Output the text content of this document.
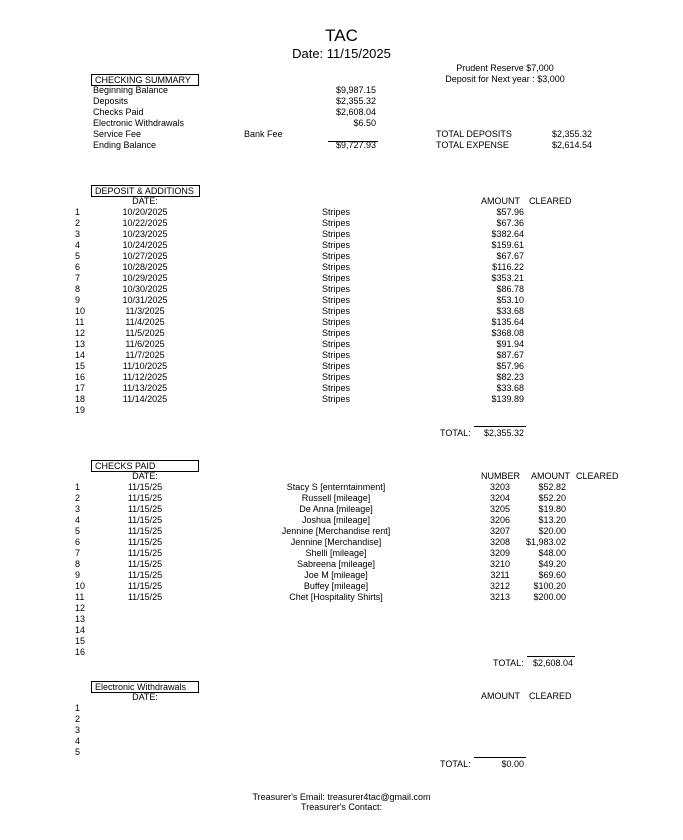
TAC
Date: 11/15/2025
Prudent Reserve $7,000
Deposit for Next year : $3,000
CHECKING SUMMARY
Beginning Balance	$9,987.15
Deposits	$2,355.32
Checks Paid	$2,608.04
Electronic Withdrawals	$6.50
Service Fee	Bank Fee
Ending Balance	$9,727.93
TOTAL DEPOSITS	$2,355.32
TOTAL EXPENSE	$2,614.54
DEPOSIT & ADDITIONS
DATE:	AMOUNT CLEARED
1	10/20/2025	Stripes	$57.96
2	10/22/2025	Stripes	$67.36
3	10/23/2025	Stripes	$382.64
4	10/24/2025	Stripes	$159.61
5	10/27/2025	Stripes	$67.67
6	10/28/2025	Stripes	$116.22
7	10/29/2025	Stripes	$353.21
8	10/30/2025	Stripes	$86.78
9	10/31/2025	Stripes	$53.10
10	11/3/2025	Stripes	$33.68
11	11/4/2025	Stripes	$135.64
12	11/5/2025	Stripes	$368.08
13	11/6/2025	Stripes	$91.94
14	11/7/2025	Stripes	$87.67
15	11/10/2025	Stripes	$57.96
16	11/12/2025	Stripes	$82.23
17	11/13/2025	Stripes	$33.68
18	11/14/2025	Stripes	$139.89
19
TOTAL:	$2,355.32
CHECKS PAID
DATE:	NUMBER AMOUNT CLEARED
1	11/15/25	Stacy S [enterntainment]	3203	$52.82
2	11/15/25	Russell [mileage]	3204	$52.20
3	11/15/25	De Anna [mileage]	3205	$19.80
4	11/15/25	Joshua [mileage]	3206	$13.20
5	11/15/25	Jennine [Merchandise rent]	3207	$20.00
6	11/15/25	Jennine [Merchandise]	3208	$1,983.02
7	11/15/25	Shelli [mileage]	3209	$48.00
8	11/15/25	Sabreena [mileage]	3210	$49.20
9	11/15/25	Joe M [mileage]	3211	$69.60
10	11/15/25	Buffey [mileage]	3212	$100.20
11	11/15/25	Chet [Hospitality Shirts]	3213	$200.00
12
13
14
15
16
TOTAL:	$2,608.04
Electronic Withdrawals
DATE:	AMOUNT CLEARED
1
2
3
4
5
TOTAL:	$0.00
Treasurer's Email: treasurer4tac@gmail.com
Treasurer's Contact:
